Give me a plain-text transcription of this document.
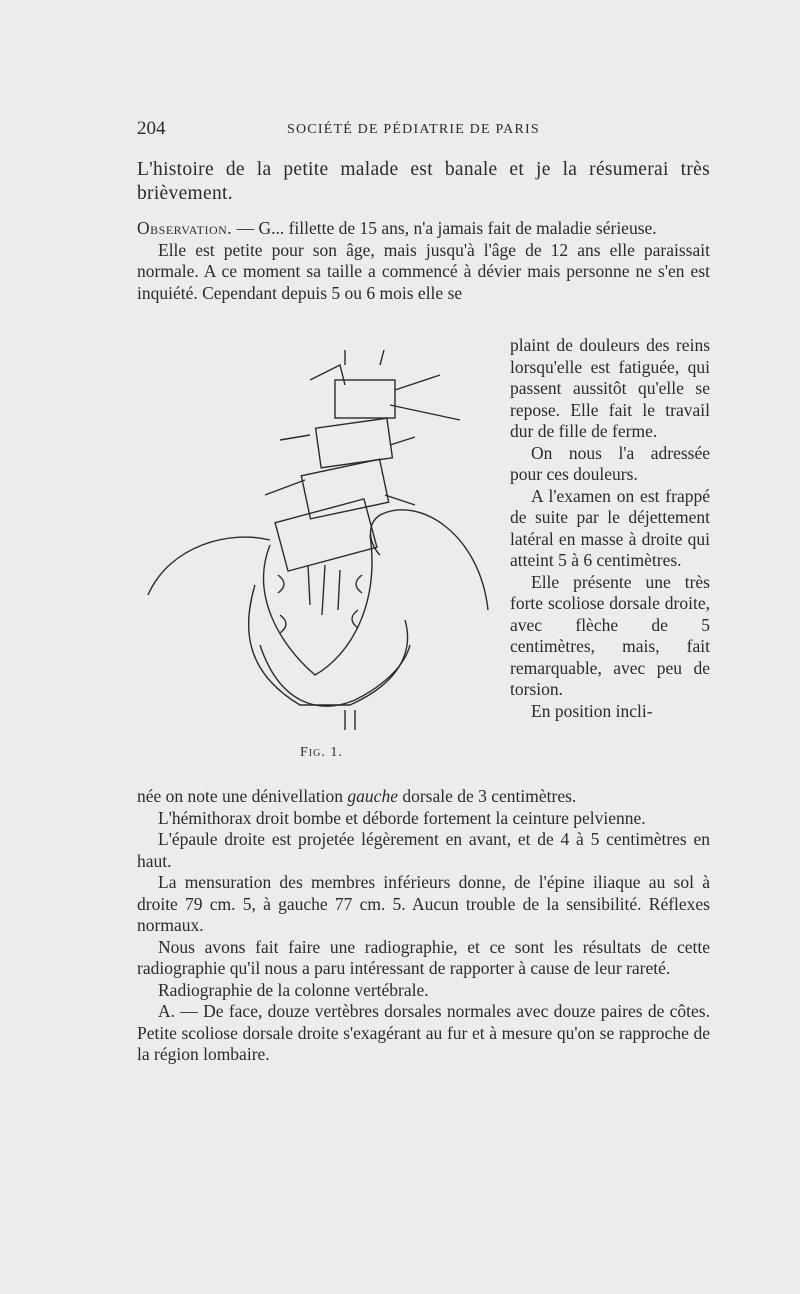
204	SOCIÉTÉ DE PÉDIATRIE DE PARIS
L'histoire de la petite malade est banale et je la résumerai très brièvement.

Observation. — G... fillette de 15 ans, n'a jamais fait de maladie sérieuse.

Elle est petite pour son âge, mais jusqu'à l'âge de 12 ans elle paraissait normale. A ce moment sa taille a commencé à dévier mais personne ne s'en est inquiété. Cependant depuis 5 ou 6 mois elle se

plaint de douleurs des reins lorsqu'elle est fatiguée, qui passent aussitôt qu'elle se repose. Elle fait le travail dur de fille de ferme.

On nous l'a adressée pour ces douleurs.

A l'examen on est frappé de suite par le déjettement latéral en masse à droite qui atteint 5 à 6 centimètres.

Elle présente une très forte scoliose dorsale droite, avec flèche de 5 centimètres, mais, fait remarquable, avec peu de torsion.

En position incli-

Fig. 1.

née on note une dénivellation gauche dorsale de 3 centimètres.

L'hémithorax droit bombe et déborde fortement la ceinture pelvienne.

L'épaule droite est projetée légèrement en avant, et de 4 à 5 centimètres en haut.

La mensuration des membres inférieurs donne, de l'épine iliaque au sol à droite 79 cm. 5, à gauche 77 cm. 5. Aucun trouble de la sensibilité. Réflexes normaux.

Nous avons fait faire une radiographie, et ce sont les résultats de cette radiographie qu'il nous a paru intéressant de rapporter à cause de leur rareté.

Radiographie de la colonne vertébrale.

A. — De face, douze vertèbres dorsales normales avec douze paires de côtes. Petite scoliose dorsale droite s'exagérant au fur et à mesure qu'on se rapproche de la région lombaire.
